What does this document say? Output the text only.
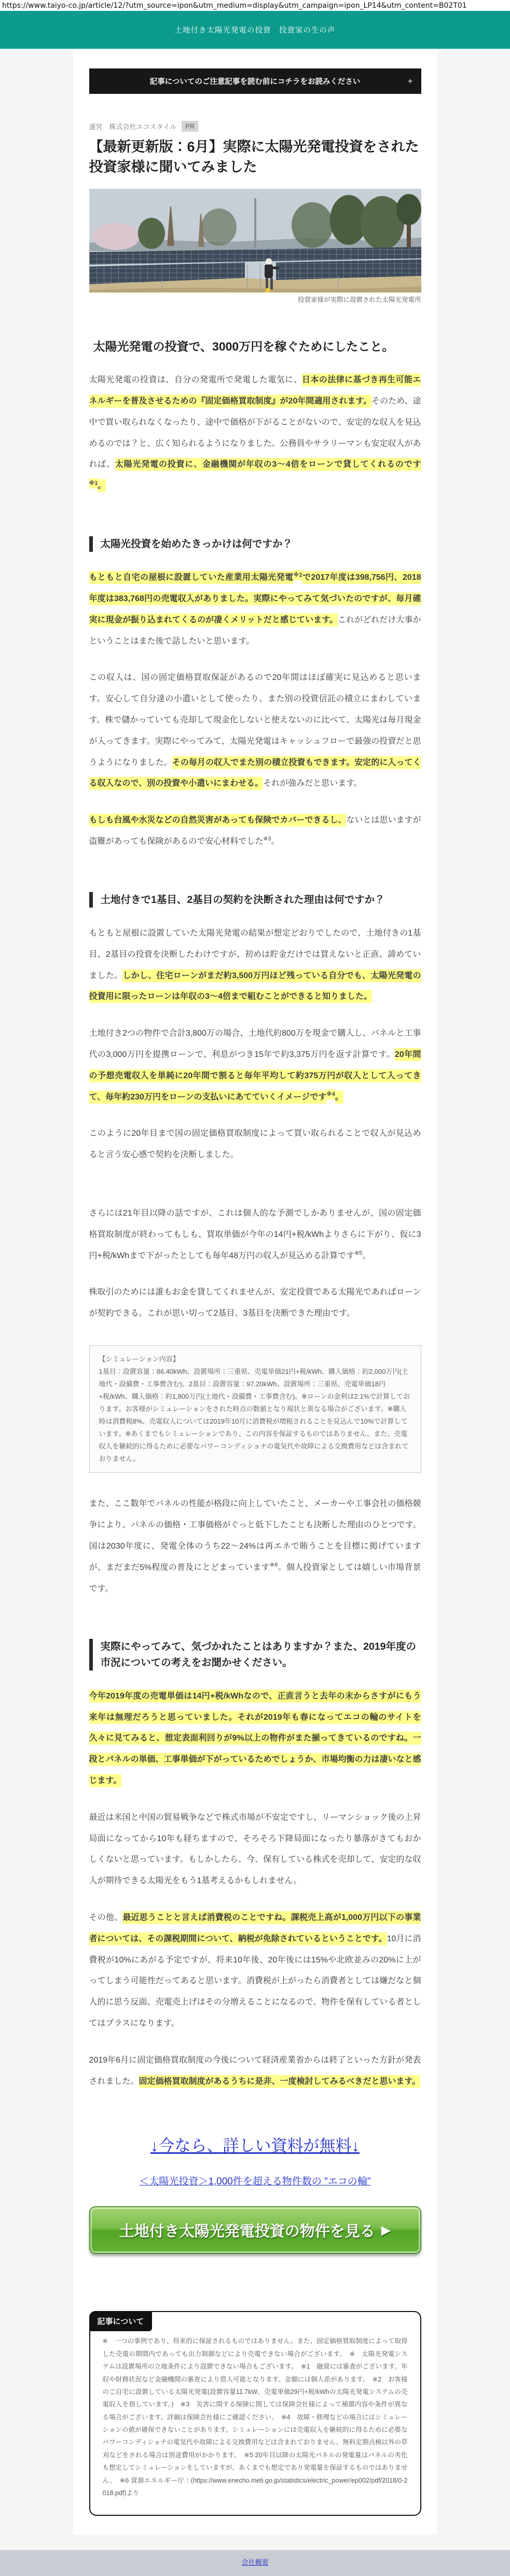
https://www.taiyo-co.jp/article/12/?utm_source=ipon&utm_medium=display&utm_campaign=ipon_LP14&utm_content=B02T01
土地付き太陽光発電の投資　投資家の生の声
記事についてのご注意記事を読む前にコチラをお読みください	+
運営　株式会社エコスタイル	PR
【最新更新版：6月】実際に太陽光発電投資をされた投資家様に聞いてみました
投資家様が実際に設置された太陽光発電所
太陽光発電の投資で、3000万円を稼ぐためにしたこと。

太陽光発電の投資は、自分の発電所で発電した電気に、日本の法律に基づき再生可能エネルギーを普及させるための『固定価格買取制度』が20年間適用されます。そのため、途中で買い取られなくなったり、途中で価格が下がることがないので、安定的な収入を見込めるのでは？と、広く知られるようになりました。公務員やサラリーマンも安定収入があれば、太陽光発電の投資に、金融機関が年収の3～4倍をローンで貸してくれるのです$^{※1}$。

太陽光投資を始めたきっかけは何ですか？

もともと自宅の屋根に設置していた産業用太陽光発電$^{※2}$で2017年度は398,756円、2018年度は383,768円の売電収入がありました。実際にやってみて気づいたのですが、毎月確実に現金が振り込まれてくるのが凄くメリットだと感じています。これがどれだけ大事かということはまた後で話したいと思います。

この収入は、国の固定価格買取保証があるので20年間はほぼ確実に見込めると思います。安心して自分達の小遣いとして使ったり、また別の投資信託の積立にまわしています。株で儲かっていても売却して現金化しないと使えないのに比べて、太陽光は毎月現金が入ってきます。実際にやってみて、太陽光発電はキャッシュフローで最強の投資だと思うようになりました。その毎月の収入でまた別の積立投資もできます。安定的に入ってくる収入なので、別の投資や小遣いにまわせる。それが強みだと思います。

もしも台風や水災などの自然災害があっても保険でカバーできるし、ないとは思いますが盗難があっても保険があるので安心材料でした$^{※3}$。

土地付きで1基目、2基目の契約を決断された理由は何ですか？

もともと屋根に設置していた太陽光発電の結果が想定どおりでしたので、土地付きの1基目、2基目の投資を決断したわけですが、初めは貯金だけでは買えないと正直、諦めていました。しかし、住宅ローンがまだ約3,500万円ほど残っている自分でも、太陽光発電の投資用に限ったローンは年収の3～4倍まで組むことができると知りました。

土地付き2つの物件で合計3,800万の場合、土地代約800万を現金で購入し、パネルと工事代の3,000万円を提携ローンで、利息がつき15年で約3,375万円を返す計算です。20年間の予想売電収入を単純に20年間で割ると毎年平均して約375万円が収入として入ってきて、毎年約230万円をローンの支払いにあてていくイメージです$^{※4}$。

このように20年目まで国の固定価格買取制度によって買い取られることで収入が見込めると言う安心感で契約を決断しました。

さらには21年目以降の話ですが、これは個人的な予測でしかありませんが、国の固定価格買取制度が終わってもしも、買取単価が今年の14円+税/kWhよりさらに下がり、仮に3円+税/kWhまで下がったとしても毎年48万円の収入が見込める計算です$^{※5}$。

株取引のためには誰もお金を貸してくれませんが、安定投資である太陽光であればローンが契約できる。これが思い切って2基目、3基目を決断できた理由です。

【シミュレーション内容】
1基目：設置容量：86.40kWh、設置場所：三重県、売電単価21円+税/kWh、購入価格：約2,000万円(土地代・設備費・工事費含む)。2基目：設置容量：97.20kWh、設置場所：三重県、売電単価18円+税/kWh、購入価格：約1,800万円(土地代・設備費・工事費含む)。※ローンの金利は2.1%で計算しております。お客様がシミュレーションをされた時点の数値となり現状と異なる場合がございます。※購入時は消費税8%、売電収入については2019年10月に消費税が増税されることを見込んで10%で計算しています。※あくまでもシミュレーションであり、この内容を保証するものではありません。また、売電収入を継続的に得るために必要なパワーコンディショナの電気代や故障による交換費用などは含まれておりません。

また、ここ数年でパネルの性能が格段に向上していたこと、メーカーや工事会社の価格競争により、パネルの価格・工事価格がぐっと低下したことも決断した理由のひとつです。国は2030年度に、発電全体のうち22～24%は再エネで賄うことを目標に掲げていますが、まだまだ5%程度の普及にとどまっています$^{※6}$。個人投資家としては嬉しい市場背景です。

実際にやってみて、気づかれたことはありますか？また、2019年度の市況についての考えをお聞かせください。

今年2019年度の売電単価は14円+税/kWhなので、正直言うと去年の末からさすがにもう来年は無理だろうと思っていました。それが2019年も春になってエコの輪のサイトを久々に見てみると、想定表面利回りが9%以上の物件がまた揃ってきているのですね。一段とパネルの単価、工事単価が下がっているためでしょうか、市場均衡の力は凄いなと感じます。

最近は米国と中国の貿易戦争などで株式市場が不安定ですし、リーマンショック後の上昇局面になってから10年も経ちますので、そろそろ下降局面になったり暴落がきてもおかしくないと思っています。もしかしたら、今、保有している株式を売却して、安定的な収入が期待できる太陽光をもう1基考えるかもしれません。

その他、最近思うことと言えば消費税のことですね。課税売上高が1,000万円以下の事業者については、その課税期間について、納税が免除されているということです。10月に消費税が10%にあがる予定ですが、将来10年後、20年後には15%や北欧並みの20%に上がってしまう可能性だってあると思います。消費税が上がったら消費者としては嫌だなと個人的に思う反面、売電売上げはその分増えることになるので、物件を保有している者としてはプラスになります。

2019年6月に固定価格買取制度の今後について経済産業省からは終了といった方針が発表されました。固定価格買取制度があるうちに是非、一度検討してみるべきだと思います。

↓今なら、詳しい資料が無料↓
＜太陽光投資＞1,000件を超える物件数の "エコの輪"
土地付き太陽光発電投資の物件を見る ▶
記事について

※　一つの事例であり、将来的に保証されるものではありません。また、固定価格買取制度によって取得した売電の期間内であっても出力制御などにより売電できない場合がございます。　※　太陽光発電システムは設置場所の立地条件により設置できない場合もございます。　※1　融資には審査がございます。年収や財務状況など金融機関の審査により借入可能となります。金額には個人差があります。　※2　お客様のご自宅に設置している太陽光発電(設置容量11.7kW、売電単価29円+税/kWhの太陽光発電システムの売電収入を指しています。)　※3　災害に関する保険に関しては保険会社様によって補償内容や条件が異なる場合がございます。詳細は保険会社様にご確認ください。　※4　故障・修理などの場合にはシミュレーションの値が確保できないことがあります。シミュレーションには売電収入を継続的に得るために必要なパワーコンディショナの電気代や故障による交換費用などは含まれておりません。無料定期点検以外の草刈などをされる場合は別途費用がかかります。　※5 20年目以降の太陽光パネルの発電量はパネルの劣化も想定してシミュレーションをしていますが、あくまでも想定であり発電量を保証するものではありません。　※6 資源エネルギー庁：(https://www.enecho.meti.go.jp/statistics/electric_power/ep002/pdf/2018/0-2018.pdf)より

会社概要
